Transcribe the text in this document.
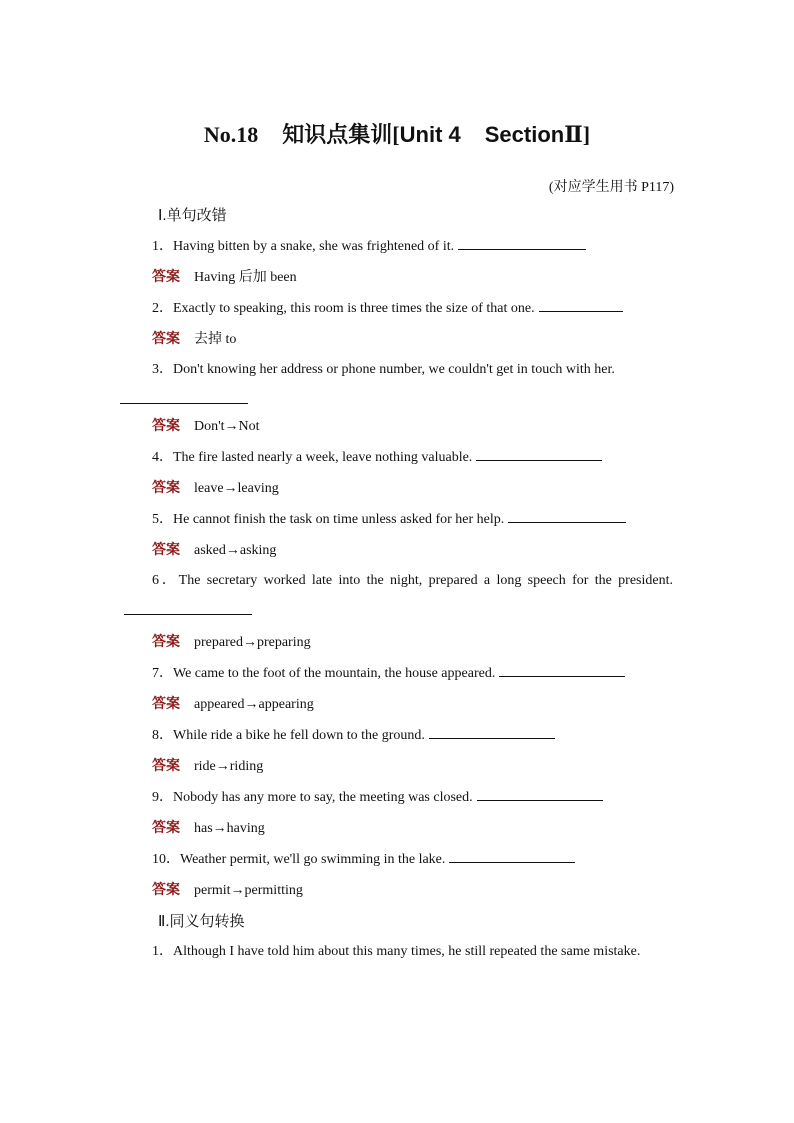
No.18 知识点集训[Unit 4 SectionⅡ]
(对应学生用书 P117)
Ⅰ.单句改错
1．Having bitten by a snake, she was frightened of it.
答案 Having 后加 been
2．Exactly to speaking, this room is three times the size of that one.
答案 去掉 to
3．Don't knowing her address or phone number, we couldn't get in touch with her.
答案 Don't→Not
4．The fire lasted nearly a week, leave nothing valuable.
答案 leave→leaving
5．He cannot finish the task on time unless asked for her help.
答案 asked→asking
6．The secretary worked late into the night, prepared a long speech for the president.
答案 prepared→preparing
7．We came to the foot of the mountain, the house appeared.
答案 appeared→appearing
8．While ride a bike he fell down to the ground.
答案 ride→riding
9．Nobody has any more to say, the meeting was closed.
答案 has→having
10．Weather permit, we'll go swimming in the lake.
答案 permit→permitting
Ⅱ.同义句转换
1．Although I have told him about this many times, he still repeated the same mistake.
